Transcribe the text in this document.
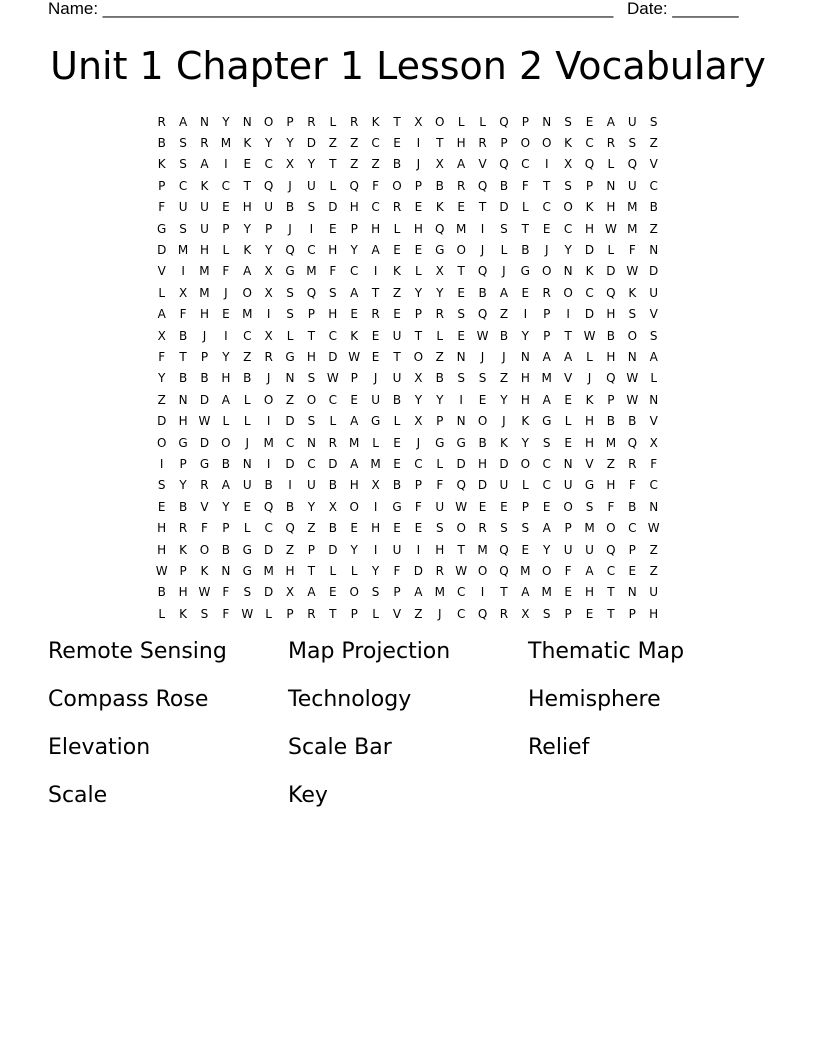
Name: ______________________________________________________ Date: _______
Unit 1 Chapter 1 Lesson 2 Vocabulary
R	A	N	Y	N	O	P	R	L	R	K	T	X	O	L	L	Q	P	N	S	E	A	U	S
B	S	R	M	K	Y	Y	D	Z	Z	C	E	I	T	H	R	P	O O	K	C	R	S	Z
K	S	A	I	E	C	X	Y	T	Z	Z	B	J	X	A	V	Q	C	I	X	Q	L	Q	V
P	C	K	C	T	Q	J	U	L	Q	F	O	P	B	R	Q	B	F	T	S	P	N	U	C
F	U	U	E	H	U	B	S	D	H	C	R	E	K	E	T	D	L	C	O	K	H M	B
G	S	U	P	Y	P	J	I	E	P	H	L	H	Q M	I	S	T	E	C	H W M	Z
D M H	L	K	Y	Q	C	H	Y	A	E	E	G	O	J	L	B	J	Y	D	L	F	N
V	I	M	F	A	X	G M	F	C	I	K	L	X	T	Q	J	G	O	N	K	D W D
L	X	M	J	O	X	S	Q	S	A	T	Z	Y	Y	E	B	A	E	R	O	C	Q	K	U
A	F	H	E	M	I	S	P	H	E	R	E	P	R	S	Q	Z	I	P	I	D	H	S	V
X	B	J	I	C	X	L	T	C	K	E	U	T	L	E W B	Y	P	T W B	O	S
F	T	P	Y	Z	R	G	H	D W E	T	O	Z	N	J	J	N	A	A	L	H	N	A
Y	B	B	H	B	J	N	S W P	J	U	X	B	S	S	Z	H M	V	J	Q W	L
Z	N	D	A	L	O	Z	O	C	E	U	B	Y	Y	I	E	Y	H	A	E	K	P W N
D	H W	L	L	I	D	S	L	A	G	L	X	P	N	O	J	K	G	L	H	B	B	V
O	G	D	O	J	M	C	N	R	M	L	E	J	G	G	B	K	Y	S	E	H M Q	X
I	P	G	B	N	I	D	C	D	A	M	E	C	L	D	H	D	O	C	N	V	Z	R	F
S	Y	R	A	U	B	I	U	B	H	X	B	P	F	Q	D	U	L	C	U	G	H	F	C
E	B	V	Y	E	Q	B	Y	X	O	I	G	F	U W E	E	P	E	O	S	F	B	N
H	R	F	P	L	C	Q	Z	B	E	H	E	E	S	O	R	S	S	A	P	M O	C W
H	K	O	B	G	D	Z	P	D	Y	I	U	I	H	T	M Q	E	Y	U	U	Q	P	Z
W P	K	N	G M H	T	L	L	Y	F	D	R W O Q M O	F	A	C	E	Z
B	H W	F	S	D	X	A	E	O	S	P	A	M	C	I	T	A	M	E	H	T	N	U
L	K	S	F	W	L	P	R	T	P	L	V	Z	J	C	Q	R	X	S	P	E	T	P	H
Remote Sensing	Map Projection	Thematic Map
Compass Rose	Technology	Hemisphere
Elevation	Scale Bar	Relief
Scale	Key
